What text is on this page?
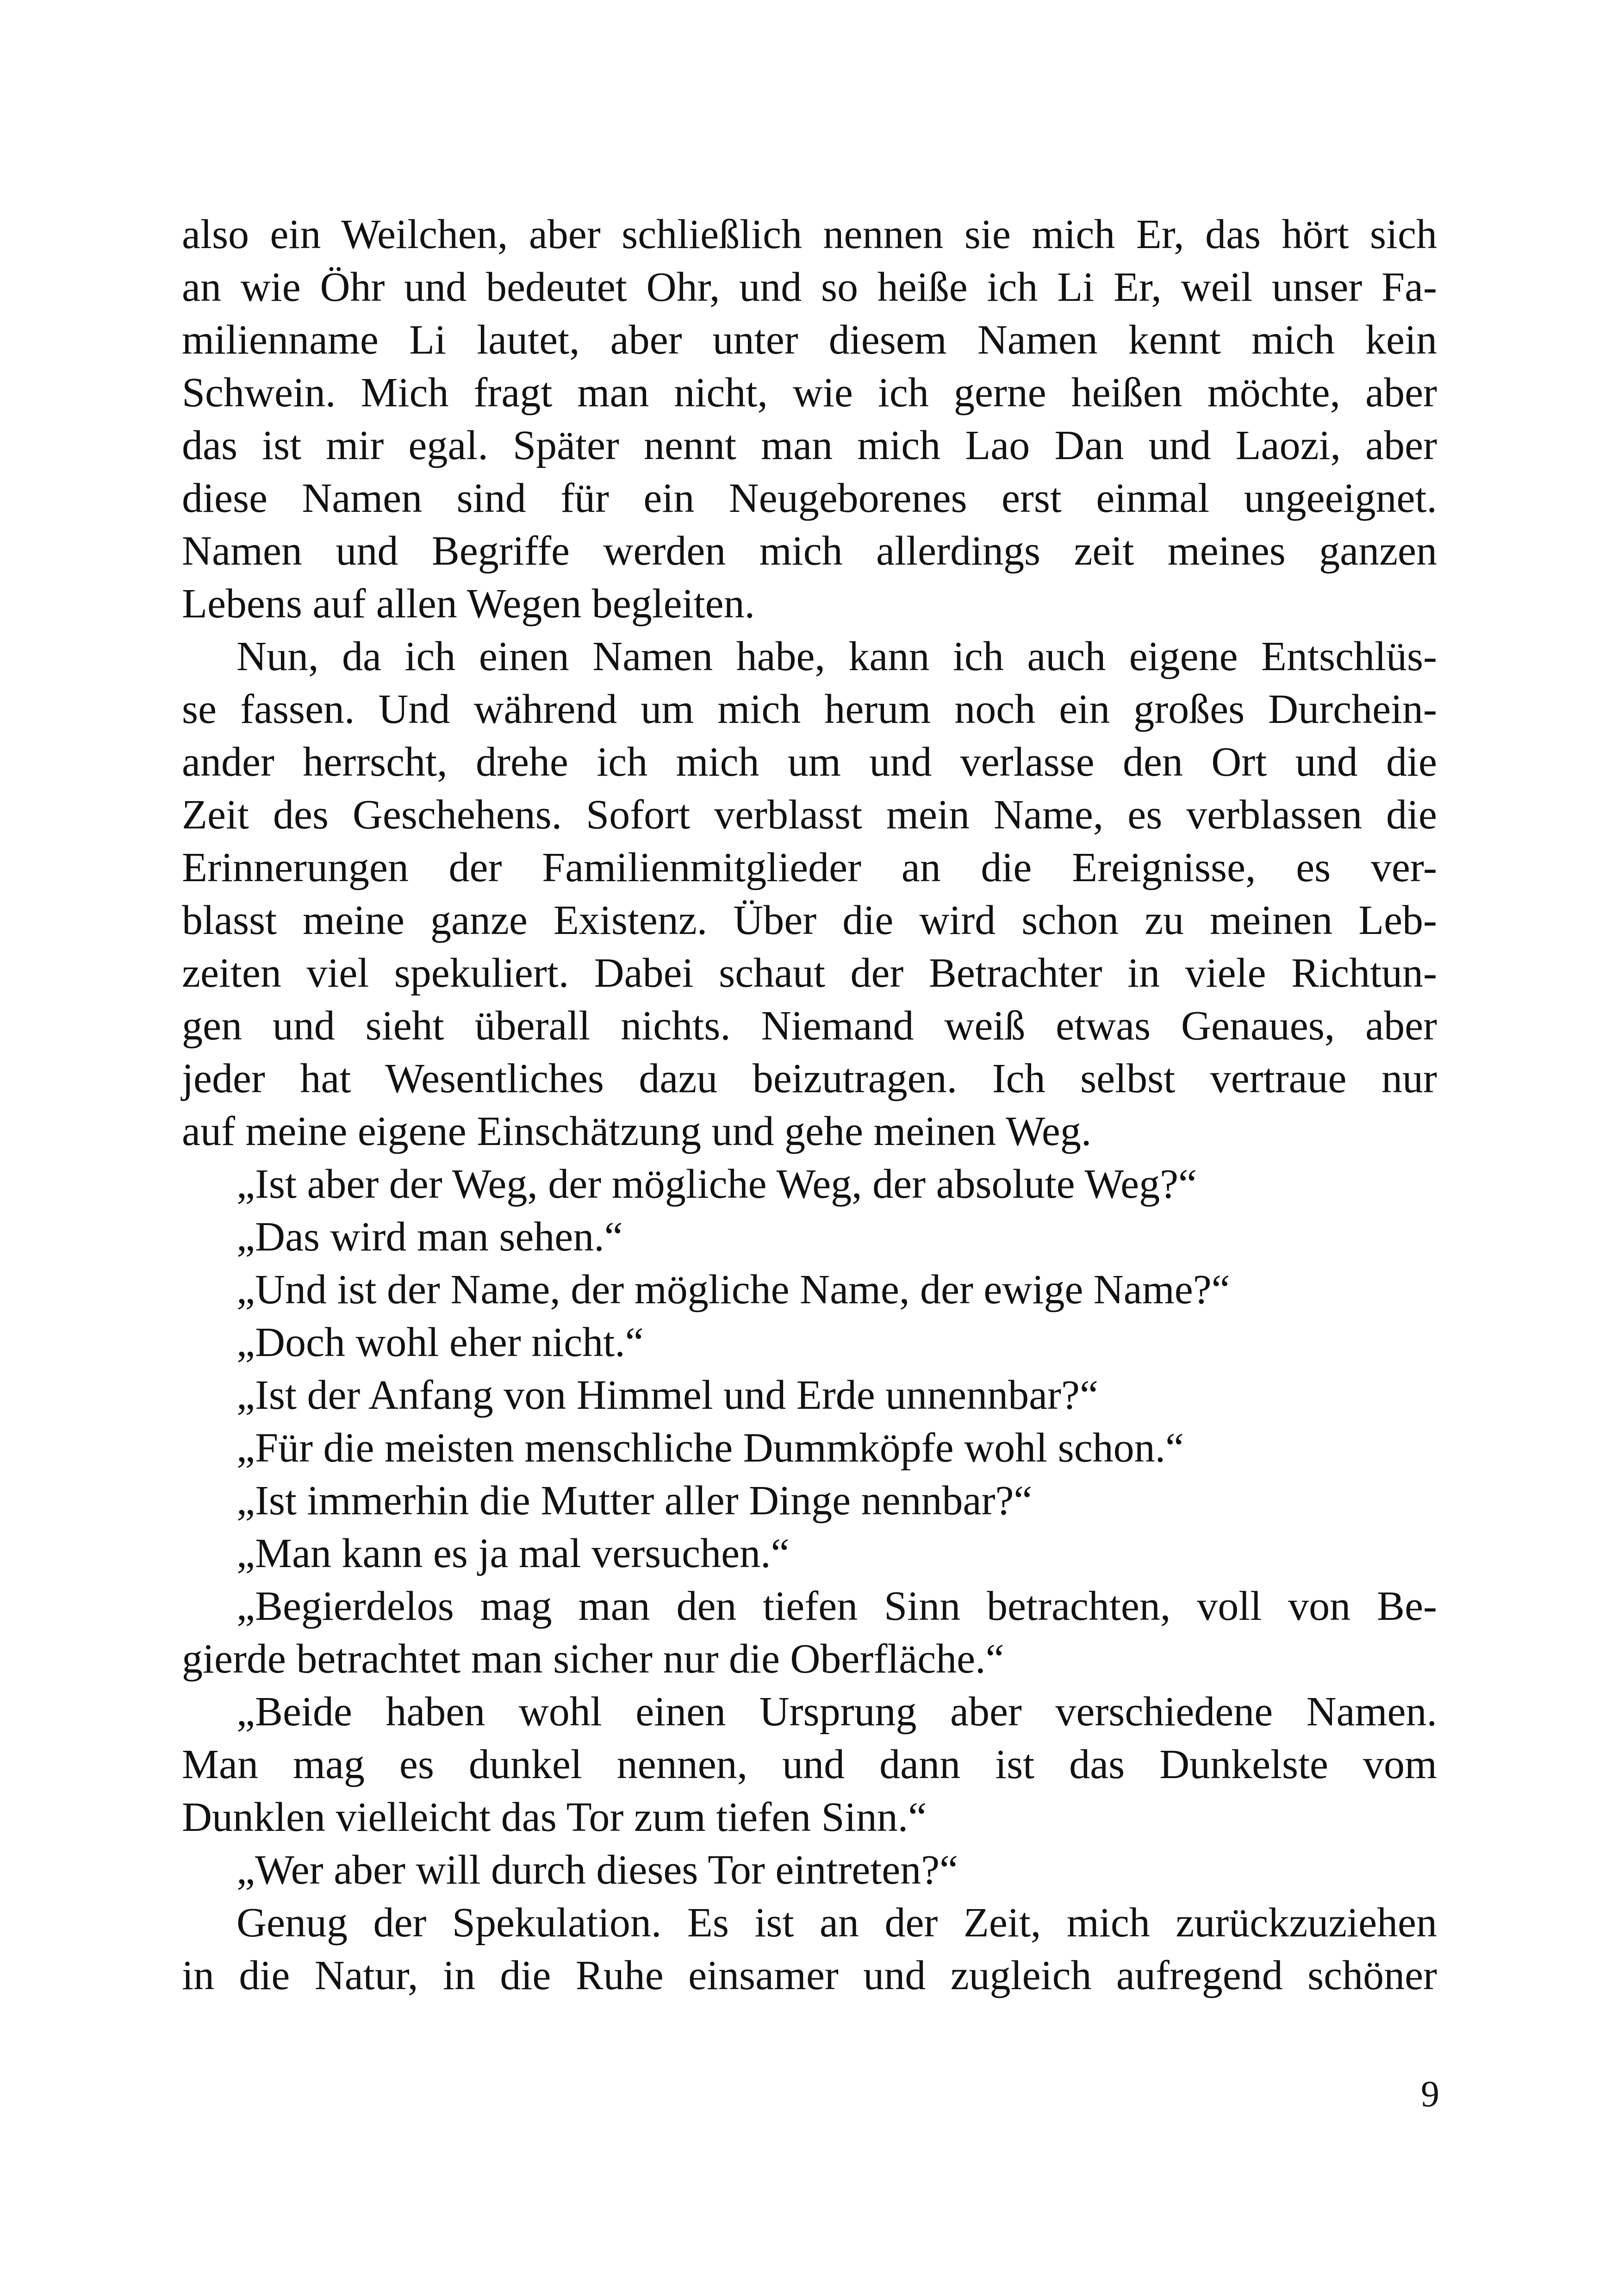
also ein Weilchen, aber schließlich nennen sie mich Er, das hört sich
an wie Öhr und bedeutet Ohr, und so heiße ich Li Er, weil unser Fa-
milienname Li lautet, aber unter diesem Namen kennt mich kein
Schwein. Mich fragt man nicht, wie ich gerne heißen möchte, aber
das ist mir egal. Später nennt man mich Lao Dan und Laozi, aber
diese Namen sind für ein Neugeborenes erst einmal ungeeignet.
Namen und Begriffe werden mich allerdings zeit meines ganzen
Lebens auf allen Wegen begleiten.
Nun, da ich einen Namen habe, kann ich auch eigene Entschlüs-
se fassen. Und während um mich herum noch ein großes Durchein-
ander herrscht, drehe ich mich um und verlasse den Ort und die
Zeit des Geschehens. Sofort verblasst mein Name, es verblassen die
Erinnerungen der Familienmitglieder an die Ereignisse, es ver-
blasst meine ganze Existenz. Über die wird schon zu meinen Leb-
zeiten viel spekuliert. Dabei schaut der Betrachter in viele Richtun-
gen und sieht überall nichts. Niemand weiß etwas Genaues, aber
jeder hat Wesentliches dazu beizutragen. Ich selbst vertraue nur
auf meine eigene Einschätzung und gehe meinen Weg.
„Ist aber der Weg, der mögliche Weg, der absolute Weg?“
„Das wird man sehen.“
„Und ist der Name, der mögliche Name, der ewige Name?“
„Doch wohl eher nicht.“
„Ist der Anfang von Himmel und Erde unnennbar?“
„Für die meisten menschliche Dummköpfe wohl schon.“
„Ist immerhin die Mutter aller Dinge nennbar?“
„Man kann es ja mal versuchen.“
„Begierdelos mag man den tiefen Sinn betrachten, voll von Be-
gierde betrachtet man sicher nur die Oberfläche.“
„Beide haben wohl einen Ursprung aber verschiedene Namen.
Man mag es dunkel nennen, und dann ist das Dunkelste vom
Dunklen vielleicht das Tor zum tiefen Sinn.“
„Wer aber will durch dieses Tor eintreten?“
Genug der Spekulation. Es ist an der Zeit, mich zurückzuziehen
in die Natur, in die Ruhe einsamer und zugleich aufregend schöner
9
